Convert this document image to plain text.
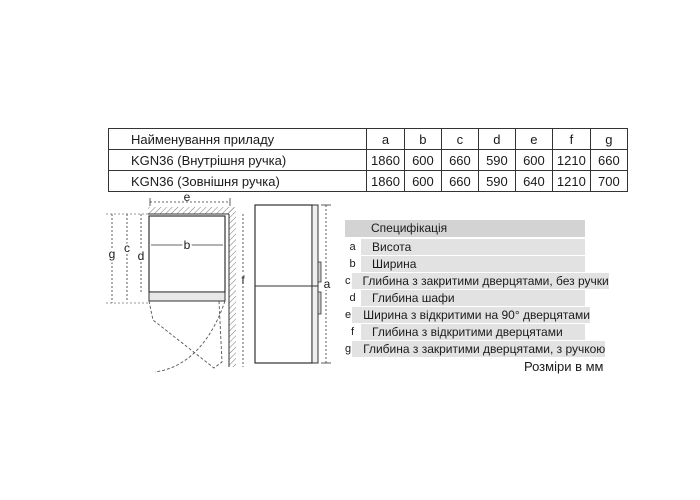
Найменування приладу	a	b	c	d	e	f	g
KGN36 (Внутрішня ручка)	1860	600	660	590	600	1210	660
KGN36 (Зовнішня ручка)	1860	600	660	590	640	1210	700
e
b
g c
d
f	a
Специфікація
a	Висота
b	Ширина
c	Глибина з закритими дверцятами, без ручки
d	Глибина шафи
e	Ширина з відкритими на 90° дверцятами
f	Глибина з відкритими дверцятами
g	Глибина з закритими дверцятами, з ручкою
Розміри в мм
